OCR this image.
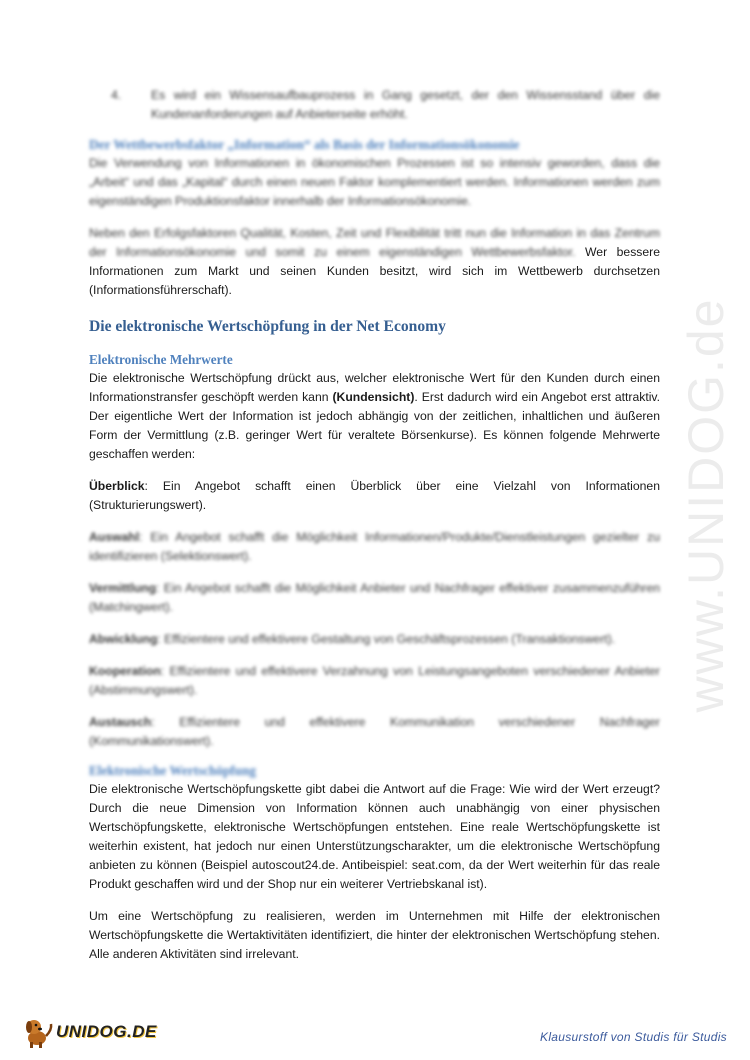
4.	Es wird ein Wissensaufbauprozess in Gang gesetzt, der den Wissensstand über die Kundenanforderungen auf Anbieterseite erhöht.

Der Wettbewerbsfaktor „Information“ als Basis der Informationsökonomie

Die Verwendung von Informationen in ökonomischen Prozessen ist so intensiv geworden, dass die „Arbeit“ und das „Kapital“ durch einen neuen Faktor komplementiert werden. Informationen werden zum eigenständigen Produktionsfaktor innerhalb der Informationsökonomie.

Neben den Erfolgsfaktoren Qualität, Kosten, Zeit und Flexibilität tritt nun die Information in das Zentrum der Informationsökonomie und somit zu einem eigenständigen Wettbewerbsfaktor. Wer bessere Informationen zum Markt und seinen Kunden besitzt, wird sich im Wettbewerb durchsetzen (Informationsführerschaft).

Die elektronische Wertschöpfung in der Net Economy

Elektronische Mehrwerte

Die elektronische Wertschöpfung drückt aus, welcher elektronische Wert für den Kunden durch einen Informationstransfer geschöpft werden kann (Kundensicht). Erst dadurch wird ein Angebot erst attraktiv. Der eigentliche Wert der Information ist jedoch abhängig von der zeitlichen, inhaltlichen und äußeren Form der Vermittlung (z.B. geringer Wert für veraltete Börsenkurse). Es können folgende Mehrwerte geschaffen werden:

Überblick: Ein Angebot schafft einen Überblick über eine Vielzahl von Informationen (Strukturierungswert).

Auswahl: Ein Angebot schafft die Möglichkeit Informationen/Produkte/Dienstleistungen gezielter zu identifizieren (Selektionswert).

Vermittlung: Ein Angebot schafft die Möglichkeit Anbieter und Nachfrager effektiver zusammenzuführen (Matchingwert).

Abwicklung: Effizientere und effektivere Gestaltung von Geschäftsprozessen (Transaktionswert).

Kooperation: Effizientere und effektivere Verzahnung von Leistungsangeboten verschiedener Anbieter (Abstimmungswert).

Austausch: Effizientere und effektivere Kommunikation verschiedener Nachfrager (Kommunikationswert).

Elektronische Wertschöpfung

Die elektronische Wertschöpfungskette gibt dabei die Antwort auf die Frage: Wie wird der Wert erzeugt? Durch die neue Dimension von Information können auch unabhängig von einer physischen Wertschöpfungskette, elektronische Wertschöpfungen entstehen. Eine reale Wertschöpfungskette ist weiterhin existent, hat jedoch nur einen Unterstützungscharakter, um die elektronische Wertschöpfung anbieten zu können (Beispiel autoscout24.de. Antibeispiel: seat.com, da der Wert weiterhin für das reale Produkt geschaffen wird und der Shop nur ein weiterer Vertriebskanal ist).

Um eine Wertschöpfung zu realisieren, werden im Unternehmen mit Hilfe der elektronischen Wertschöpfungskette die Wertaktivitäten identifiziert, die hinter der elektronischen Wertschöpfung stehen. Alle anderen Aktivitäten sind irrelevant.

www.UNIDOG.de
UNIDOG.DE	Klausurstoff von Studis für Studis
